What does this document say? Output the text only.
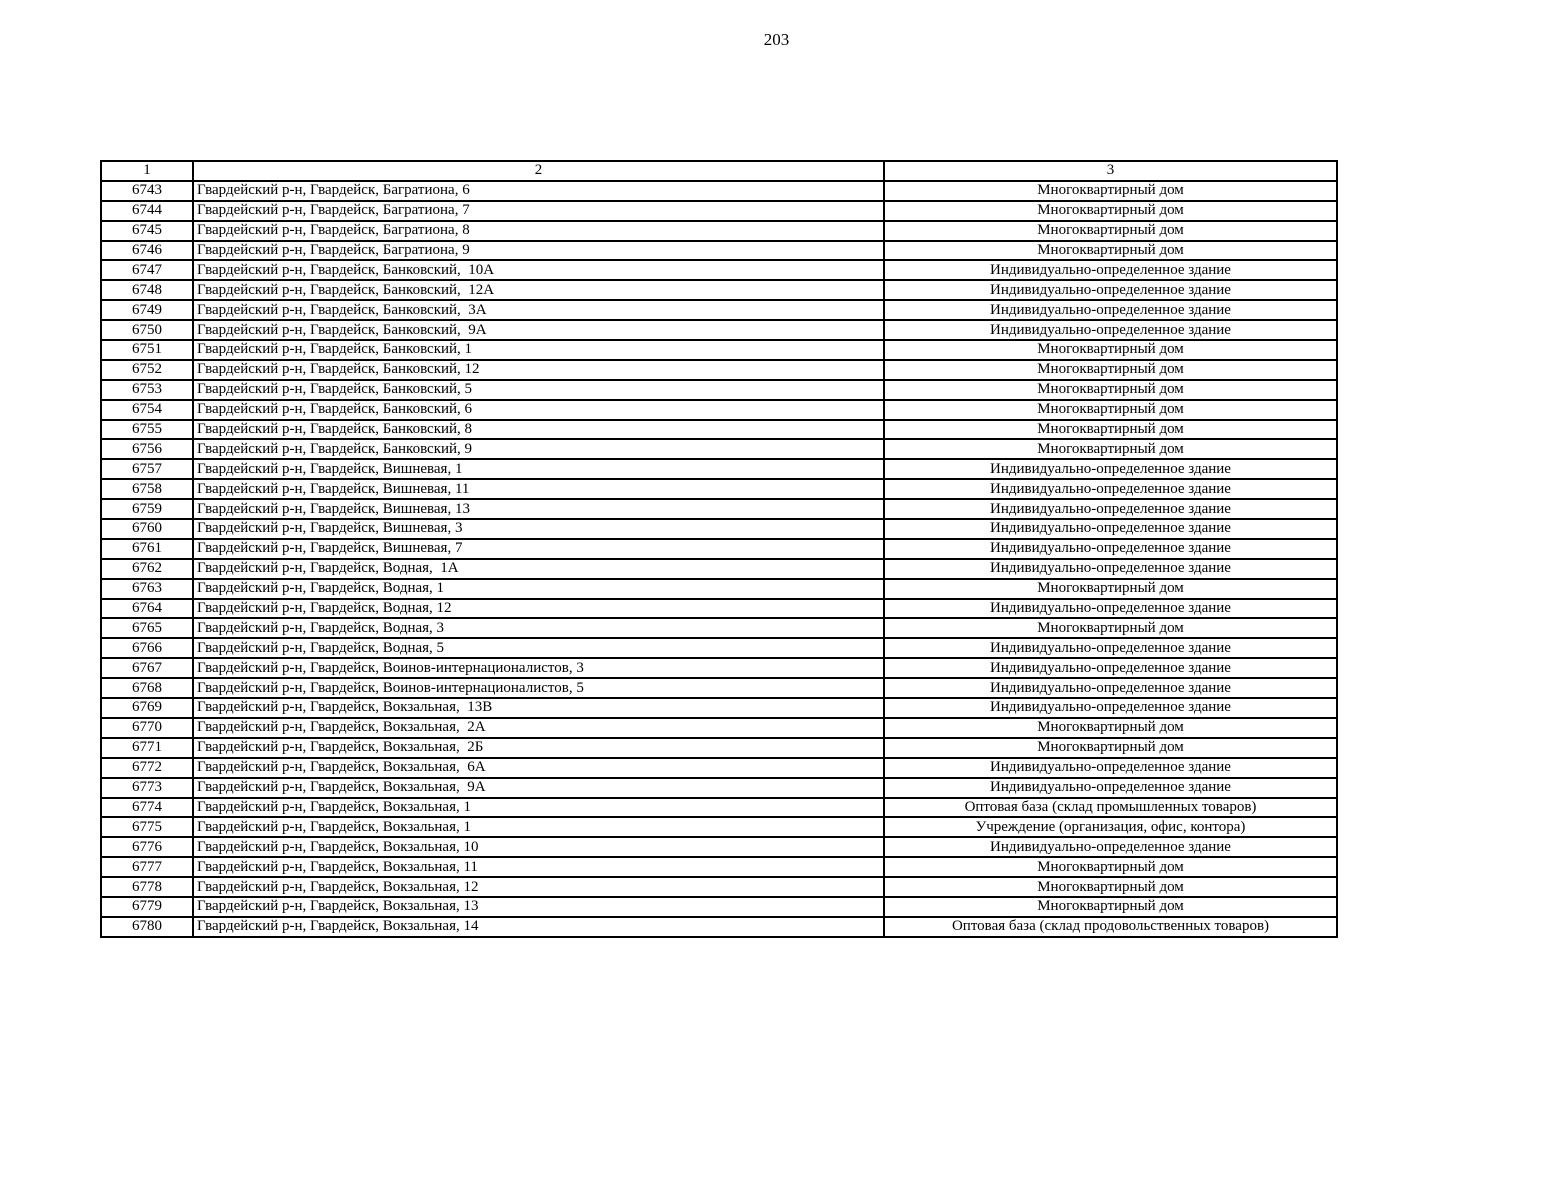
203
1	2	3
6743	Гвардейский р-н, Гвардейск, Багратиона, 6	Многоквартирный дом
6744	Гвардейский р-н, Гвардейск, Багратиона, 7	Многоквартирный дом
6745	Гвардейский р-н, Гвардейск, Багратиона, 8	Многоквартирный дом
6746	Гвардейский р-н, Гвардейск, Багратиона, 9	Многоквартирный дом
6747	Гвардейский р-н, Гвардейск, Банковский,  10А	Индивидуально-определенное здание
6748	Гвардейский р-н, Гвардейск, Банковский,  12А	Индивидуально-определенное здание
6749	Гвардейский р-н, Гвардейск, Банковский,  3А	Индивидуально-определенное здание
6750	Гвардейский р-н, Гвардейск, Банковский,  9А	Индивидуально-определенное здание
6751	Гвардейский р-н, Гвардейск, Банковский, 1	Многоквартирный дом
6752	Гвардейский р-н, Гвардейск, Банковский, 12	Многоквартирный дом
6753	Гвардейский р-н, Гвардейск, Банковский, 5	Многоквартирный дом
6754	Гвардейский р-н, Гвардейск, Банковский, 6	Многоквартирный дом
6755	Гвардейский р-н, Гвардейск, Банковский, 8	Многоквартирный дом
6756	Гвардейский р-н, Гвардейск, Банковский, 9	Многоквартирный дом
6757	Гвардейский р-н, Гвардейск, Вишневая, 1	Индивидуально-определенное здание
6758	Гвардейский р-н, Гвардейск, Вишневая, 11	Индивидуально-определенное здание
6759	Гвардейский р-н, Гвардейск, Вишневая, 13	Индивидуально-определенное здание
6760	Гвардейский р-н, Гвардейск, Вишневая, 3	Индивидуально-определенное здание
6761	Гвардейский р-н, Гвардейск, Вишневая, 7	Индивидуально-определенное здание
6762	Гвардейский р-н, Гвардейск, Водная,  1А	Индивидуально-определенное здание
6763	Гвардейский р-н, Гвардейск, Водная, 1	Многоквартирный дом
6764	Гвардейский р-н, Гвардейск, Водная, 12	Индивидуально-определенное здание
6765	Гвардейский р-н, Гвардейск, Водная, 3	Многоквартирный дом
6766	Гвардейский р-н, Гвардейск, Водная, 5	Индивидуально-определенное здание
6767	Гвардейский р-н, Гвардейск, Воинов-интернационалистов, 3	Индивидуально-определенное здание
6768	Гвардейский р-н, Гвардейск, Воинов-интернационалистов, 5	Индивидуально-определенное здание
6769	Гвардейский р-н, Гвардейск, Вокзальная,  13В	Индивидуально-определенное здание
6770	Гвардейский р-н, Гвардейск, Вокзальная,  2А	Многоквартирный дом
6771	Гвардейский р-н, Гвардейск, Вокзальная,  2Б	Многоквартирный дом
6772	Гвардейский р-н, Гвардейск, Вокзальная,  6А	Индивидуально-определенное здание
6773	Гвардейский р-н, Гвардейск, Вокзальная,  9А	Индивидуально-определенное здание
6774	Гвардейский р-н, Гвардейск, Вокзальная, 1	Оптовая база (склад промышленных товаров)
6775	Гвардейский р-н, Гвардейск, Вокзальная, 1	Учреждение (организация, офис, контора)
6776	Гвардейский р-н, Гвардейск, Вокзальная, 10	Индивидуально-определенное здание
6777	Гвардейский р-н, Гвардейск, Вокзальная, 11	Многоквартирный дом
6778	Гвардейский р-н, Гвардейск, Вокзальная, 12	Многоквартирный дом
6779	Гвардейский р-н, Гвардейск, Вокзальная, 13	Многоквартирный дом
6780	Гвардейский р-н, Гвардейск, Вокзальная, 14	Оптовая база (склад продовольственных товаров)
